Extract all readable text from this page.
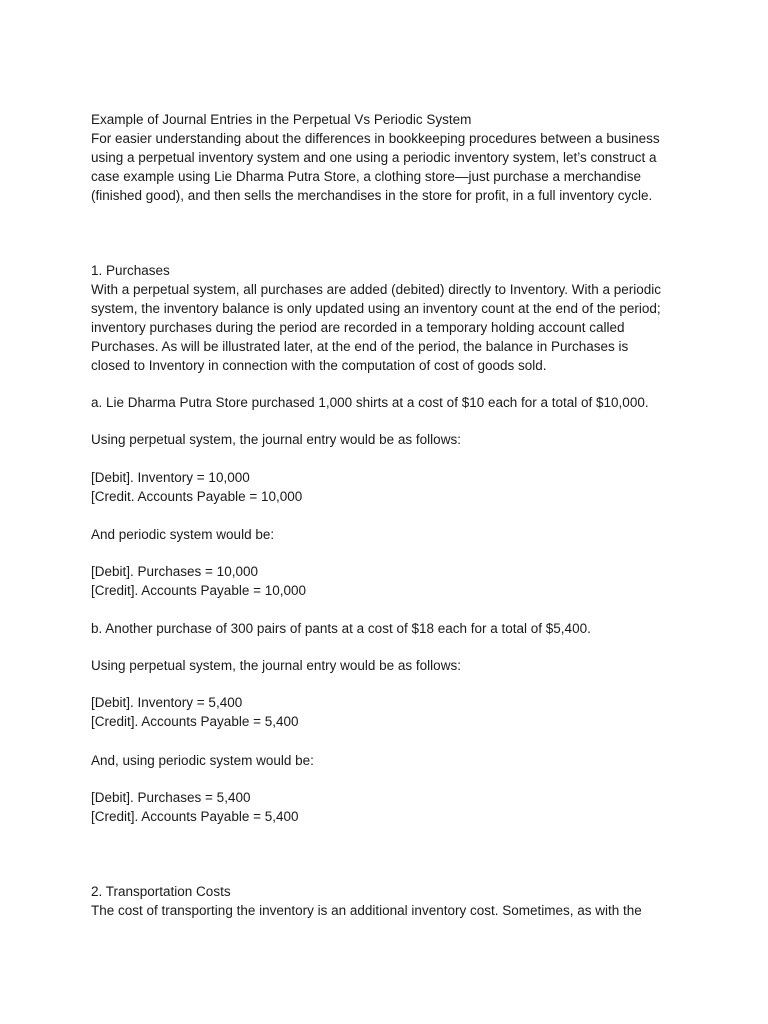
Example of Journal Entries in the Perpetual Vs Periodic System

For easier understanding about the differences in bookkeeping procedures between a business

using a perpetual inventory system and one using a periodic inventory system, let’s construct a

case example using Lie Dharma Putra Store, a clothing store—just purchase a merchandise

(finished good), and then sells the merchandises in the store for profit, in a full inventory cycle.

1. Purchases

With a perpetual system, all purchases are added (debited) directly to Inventory. With a periodic

system, the inventory balance is only updated using an inventory count at the end of the period;

inventory purchases during the period are recorded in a temporary holding account called

Purchases. As will be illustrated later, at the end of the period, the balance in Purchases is

closed to Inventory in connection with the computation of cost of goods sold.

a. Lie Dharma Putra Store purchased 1,000 shirts at a cost of $10 each for a total of $10,000.

Using perpetual system, the journal entry would be as follows:

[Debit]. Inventory = 10,000

[Credit. Accounts Payable = 10,000

And periodic system would be:

[Debit]. Purchases = 10,000

[Credit]. Accounts Payable = 10,000

b. Another purchase of 300 pairs of pants at a cost of $18 each for a total of $5,400.

Using perpetual system, the journal entry would be as follows:

[Debit]. Inventory = 5,400

[Credit]. Accounts Payable = 5,400

And, using periodic system would be:

[Debit]. Purchases = 5,400

[Credit]. Accounts Payable = 5,400

2. Transportation Costs

The cost of transporting the inventory is an additional inventory cost. Sometimes, as with the
